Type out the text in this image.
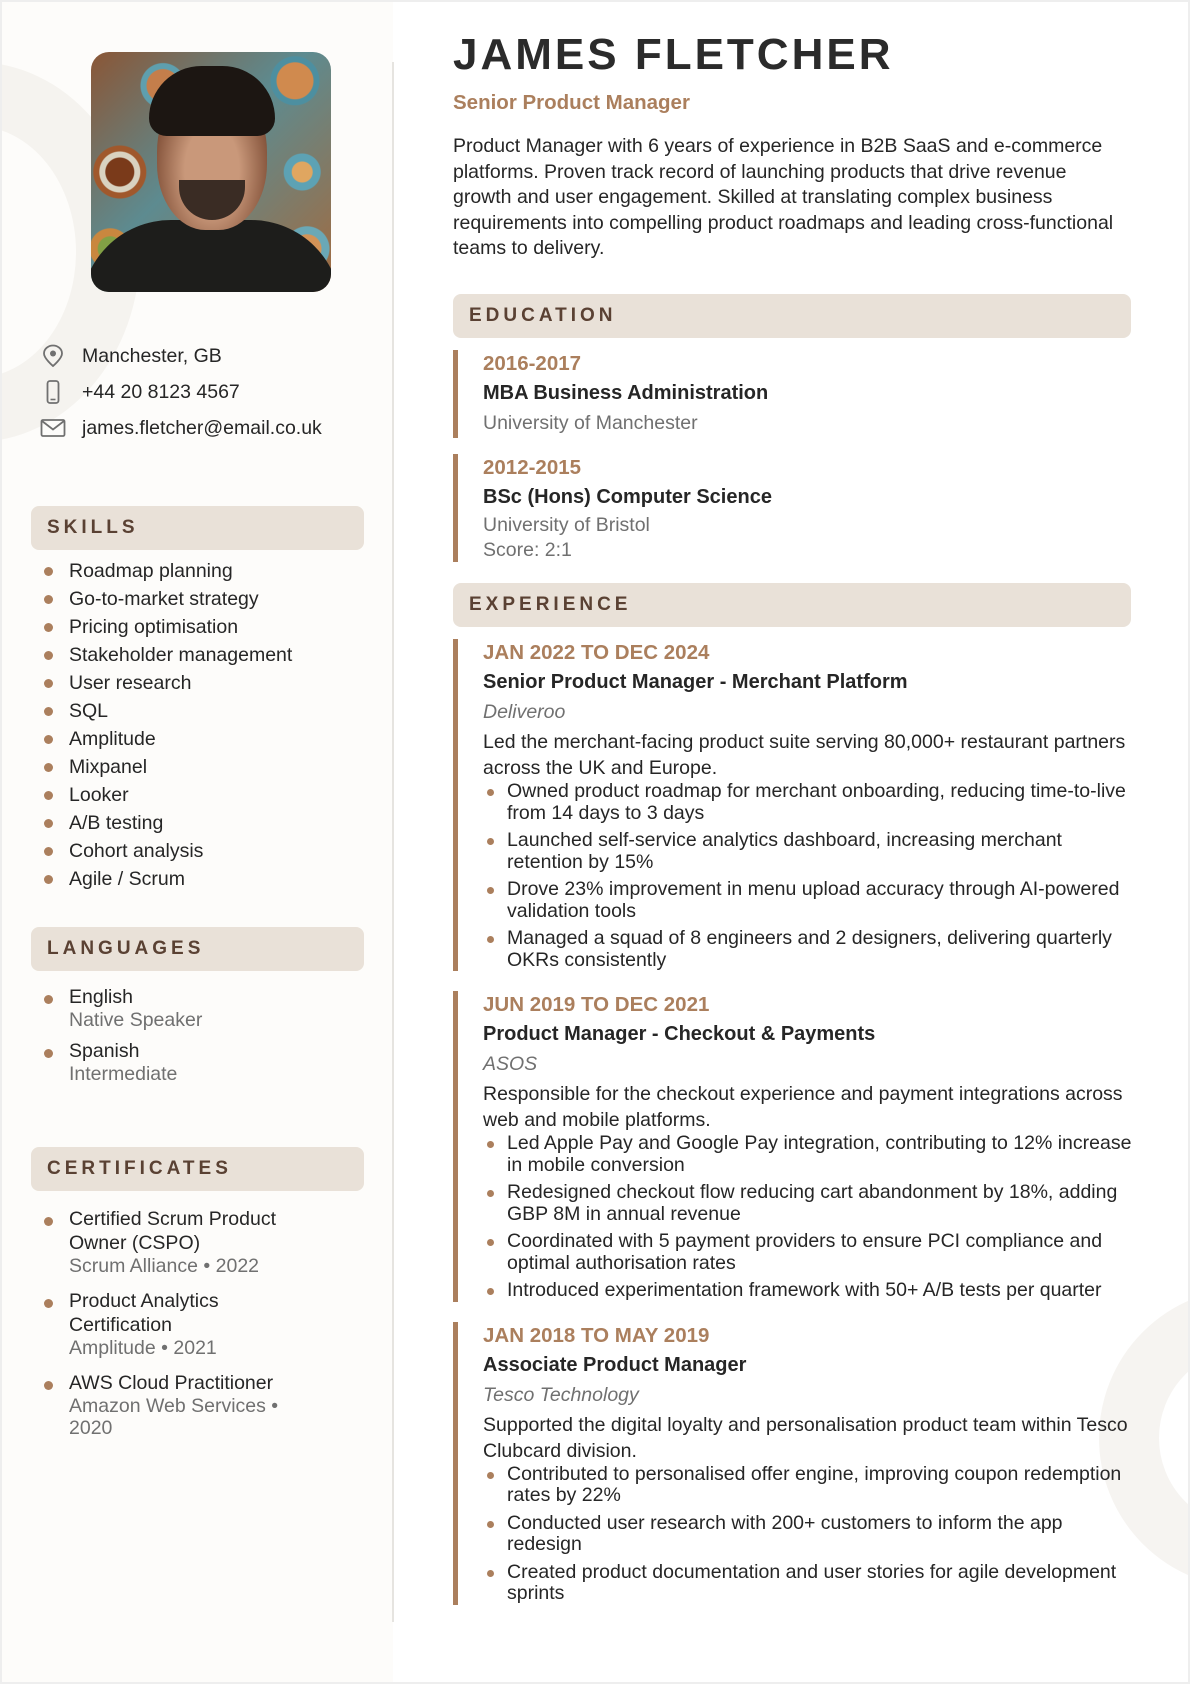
Manchester, GB
+44 20 8123 4567
james.fletcher@email.co.uk
SKILLS
Roadmap planning
Go-to-market strategy
Pricing optimisation
Stakeholder management
User research
SQL
Amplitude
Mixpanel
Looker
A/B testing
Cohort analysis
Agile / Scrum
LANGUAGES
English
Native Speaker
Spanish
Intermediate
CERTIFICATES
Certified Scrum Product Owner (CSPO)
Scrum Alliance • 2022
Product Analytics Certification
Amplitude • 2021
AWS Cloud Practitioner
Amazon Web Services • 2020
JAMES FLETCHER
Senior Product Manager

Product Manager with 6 years of experience in B2B SaaS and e-commerce platforms. Proven track record of launching products that drive revenue growth and user engagement. Skilled at translating complex business requirements into compelling product roadmaps and leading cross-functional teams to delivery.

EDUCATION
2016-2017
MBA Business Administration
University of Manchester
2012-2015
BSc (Hons) Computer Science
University of Bristol
Score: 2:1
EXPERIENCE
JAN 2022 TO DEC 2024
Senior Product Manager - Merchant Platform
Deliveroo
Led the merchant-facing product suite serving 80,000+ restaurant partners across the UK and Europe.
Owned product roadmap for merchant onboarding, reducing time-to-live from 14 days to 3 days
Launched self-service analytics dashboard, increasing merchant retention by 15%
Drove 23% improvement in menu upload accuracy through AI-powered validation tools
Managed a squad of 8 engineers and 2 designers, delivering quarterly OKRs consistently
JUN 2019 TO DEC 2021
Product Manager - Checkout & Payments
ASOS
Responsible for the checkout experience and payment integrations across web and mobile platforms.
Led Apple Pay and Google Pay integration, contributing to 12% increase in mobile conversion
Redesigned checkout flow reducing cart abandonment by 18%, adding GBP 8M in annual revenue
Coordinated with 5 payment providers to ensure PCI compliance and optimal authorisation rates
Introduced experimentation framework with 50+ A/B tests per quarter
JAN 2018 TO MAY 2019
Associate Product Manager
Tesco Technology
Supported the digital loyalty and personalisation product team within Tesco Clubcard division.
Contributed to personalised offer engine, improving coupon redemption rates by 22%
Conducted user research with 200+ customers to inform the app redesign
Created product documentation and user stories for agile development sprints
